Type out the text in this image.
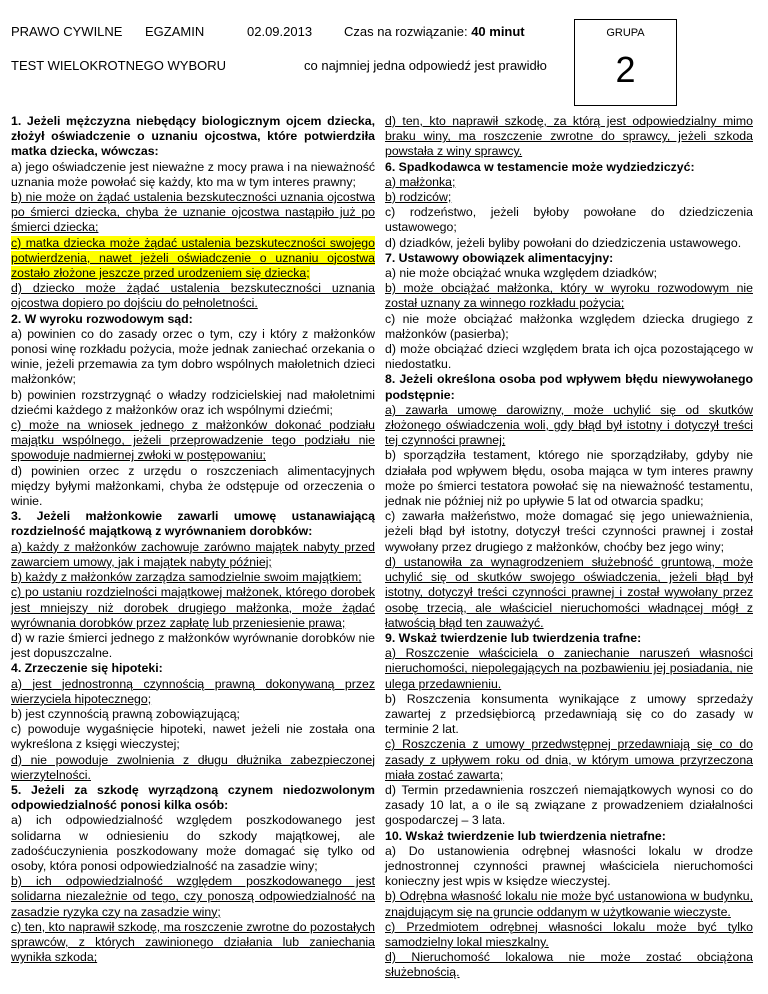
PRAWO CYWILNE EGZAMIN	02.09.2013 Czas na rozwiązanie: 40 minut
TEST WIELOKROTNEGO WYBORU	co najmniej jedna odpowiedź jest prawidło
GRUPA
2

1. Jeżeli mężczyzna niebędący biologicznym ojcem dziecka, złożył oświadczenie o uznaniu ojcostwa, które potwierdziła matka dziecka, wówczas:

a) jego oświadczenie jest nieważne z mocy prawa i na nieważność uznania może powołać się każdy, kto ma w tym interes prawny;

b) nie może on żądać ustalenia bezskuteczności uznania ojcostwa po śmierci dziecka, chyba że uznanie ojcostwa nastąpiło już po śmierci dziecka;

c) matka dziecka może żądać ustalenia bezskuteczności swojego potwierdzenia, nawet jeżeli oświadczenie o uznaniu ojcostwa zostało złożone jeszcze przed urodzeniem się dziecka;

d) dziecko może żądać ustalenia bezskuteczności uznania ojcostwa dopiero po dojściu do pełnoletności.

2. W wyroku rozwodowym sąd:

a) powinien co do zasady orzec o tym, czy i który z małżonków ponosi winę rozkładu pożycia, może jednak zaniechać orzekania o winie, jeżeli przemawia za tym dobro wspólnych małoletnich dzieci małżonków;

b) powinien rozstrzygnąć o władzy rodzicielskiej nad małoletnimi dziećmi każdego z małżonków oraz ich wspólnymi dziećmi;

c) może na wniosek jednego z małżonków dokonać podziału majątku wspólnego, jeżeli przeprowadzenie tego podziału nie spowoduje nadmiernej zwłoki w postępowaniu;

d) powinien orzec z urzędu o roszczeniach alimentacyjnych między byłymi małżonkami, chyba że odstępuje od orzeczenia o winie.

3. Jeżeli małżonkowie zawarli umowę ustanawiającą rozdzielność majątkową z wyrównaniem dorobków:

a) każdy z małżonków zachowuje zarówno majątek nabyty przed zawarciem umowy, jak i majątek nabyty później;

b) każdy z małżonków zarządza samodzielnie swoim majątkiem;

c) po ustaniu rozdzielności majątkowej małżonek, którego dorobek jest mniejszy niż dorobek drugiego małżonka, może żądać wyrównania dorobków przez zapłatę lub przeniesienie prawa;

d) w razie śmierci jednego z małżonków wyrównanie dorobków nie jest dopuszczalne.

4. Zrzeczenie się hipoteki:

a) jest jednostronną czynnością prawną dokonywaną przez wierzyciela hipotecznego;

b) jest czynnością prawną zobowiązującą;

c) powoduje wygaśnięcie hipoteki, nawet jeżeli nie została ona wykreślona z księgi wieczystej;

d) nie powoduje zwolnienia z długu dłużnika zabezpieczonej wierzytelności.

5. Jeżeli za szkodę wyrządzoną czynem niedozwolonym odpowiedzialność ponosi kilka osób:

a) ich odpowiedzialność względem poszkodowanego jest solidarna w odniesieniu do szkody majątkowej, ale zadośćuczynienia poszkodowany może domagać się tylko od osoby, która ponosi odpowiedzialność na zasadzie winy;

b) ich odpowiedzialność względem poszkodowanego jest solidarna niezależnie od tego, czy ponoszą odpowiedzialność na zasadzie ryzyka czy na zasadzie winy;

c) ten, kto naprawił szkodę, ma roszczenie zwrotne do pozostałych sprawców, z których zawinionego działania lub zaniechania wynikła szkoda;

d) ten, kto naprawił szkodę, za którą jest odpowiedzialny mimo braku winy, ma roszczenie zwrotne do sprawcy, jeżeli szkoda powstała z winy sprawcy.

6. Spadkodawca w testamencie może wydziedziczyć:

a) małżonka;

b) rodziców;

c) rodzeństwo, jeżeli byłoby powołane do dziedziczenia ustawowego;

d) dziadków, jeżeli byliby powołani do dziedziczenia ustawowego.

7. Ustawowy obowiązek alimentacyjny:

a) nie może obciążać wnuka względem dziadków;

b) może obciążać małżonka, który w wyroku rozwodowym nie został uznany za winnego rozkładu pożycia;

c) nie może obciążać małżonka względem dziecka drugiego z małżonków (pasierba);

d) może obciążać dzieci względem brata ich ojca pozostającego w niedostatku.

8. Jeżeli określona osoba pod wpływem błędu niewywołanego podstępnie:

a) zawarła umowę darowizny, może uchylić się od skutków złożonego oświadczenia woli, gdy błąd był istotny i dotyczył treści tej czynności prawnej;

b) sporządziła testament, którego nie sporządziłaby, gdyby nie działała pod wpływem błędu, osoba mająca w tym interes prawny może po śmierci testatora powołać się na nieważność testamentu, jednak nie później niż po upływie 5 lat od otwarcia spadku;

c) zawarła małżeństwo, może domagać się jego unieważnienia, jeżeli błąd był istotny, dotyczył treści czynności prawnej i został wywołany przez drugiego z małżonków, choćby bez jego winy;

d) ustanowiła za wynagrodzeniem służebność gruntową, może uchylić się od skutków swojego oświadczenia, jeżeli błąd był istotny, dotyczył treści czynności prawnej i został wywołany przez osobę trzecią, ale właściciel nieruchomości władnącej mógł z łatwością błąd ten zauważyć.

9. Wskaż twierdzenie lub twierdzenia trafne:

a) Roszczenie właściciela o zaniechanie naruszeń własności nieruchomości, niepolegających na pozbawieniu jej posiadania, nie ulega przedawnieniu.

b) Roszczenia konsumenta wynikające z umowy sprzedaży zawartej z przedsiębiorcą przedawniają się co do zasady w terminie 2 lat.

c) Roszczenia z umowy przedwstępnej przedawniają się co do zasady z upływem roku od dnia, w którym umowa przyrzeczona miała zostać zawarta;

d) Termin przedawnienia roszczeń niemajątkowych wynosi co do zasady 10 lat, a o ile są związane z prowadzeniem działalności gospodarczej – 3 lata.

10. Wskaż twierdzenie lub twierdzenia nietrafne:

a) Do ustanowienia odrębnej własności lokalu w drodze jednostronnej czynności prawnej właściciela nieruchomości konieczny jest wpis w księdze wieczystej.

b) Odrębna własność lokalu nie może być ustanowiona w budynku, znajdującym się na gruncie oddanym w użytkowanie wieczyste.

c) Przedmiotem odrębnej własności lokalu może być tylko samodzielny lokal mieszkalny.

d) Nieruchomość lokalowa nie może zostać obciążona służebnością.
